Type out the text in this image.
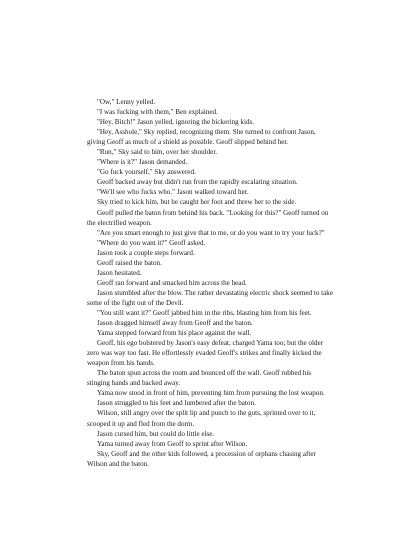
"Ow," Lenny yelled.

"I was fucking with them," Ben explained.

"Hey, Bitch!" Jason yelled, ignoring the bickering kids.

"Hey, Asshole," Sky replied, recognizing them. She turned to confront Jason, giving Geoff as much of a shield as possible. Geoff slipped behind her.

"Run," Sky said to him, over her shoulder.

"Where is it?" Jason demanded.

"Go fuck yourself," Sky answered.

Geoff backed away but didn't run from the rapidly escalating situation.

"We'll see who fucks who." Jason walked toward her.

Sky tried to kick him, but he caught her foot and threw her to the side.

Geoff pulled the baton from behind his back. "Looking for this?" Geoff turned on the electrified weapon.

"Are you smart enough to just give that to me, or do you want to try your luck?"

"Where do you want it?" Geoff asked.

Jason took a couple steps forward.

Geoff raised the baton.

Jason hesitated.

Geoff ran forward and smacked him across the head.

Jason stumbled after the blow. The rather devastating electric shock seemed to take some of the fight out of the Devil.

"You still want it?" Geoff jabbed him in the ribs, blasting him from his feet.

Jason dragged himself away from Geoff and the baton.

Yama stepped forward from his place against the wall.

Geoff, his ego bolstered by Jason's easy defeat, charged Yama too; but the older zero was way too fast. He effortlessly evaded Geoff's strikes and finally kicked the weapon from his hands.

The baton spun across the room and bounced off the wall. Geoff rubbed his stinging hands and backed away.

Yama now stood in front of him, preventing him from pursuing the lost weapon.

Jason struggled to his feet and lumbered after the baton.

Wilson, still angry over the split lip and punch to the guts, sprinted over to it, scooped it up and fled from the dorm.

Jason cursed him, but could do little else.

Yama turned away from Geoff to sprint after Wilson.

Sky, Geoff and the other kids followed, a procession of orphans chasing after Wilson and the baton.
